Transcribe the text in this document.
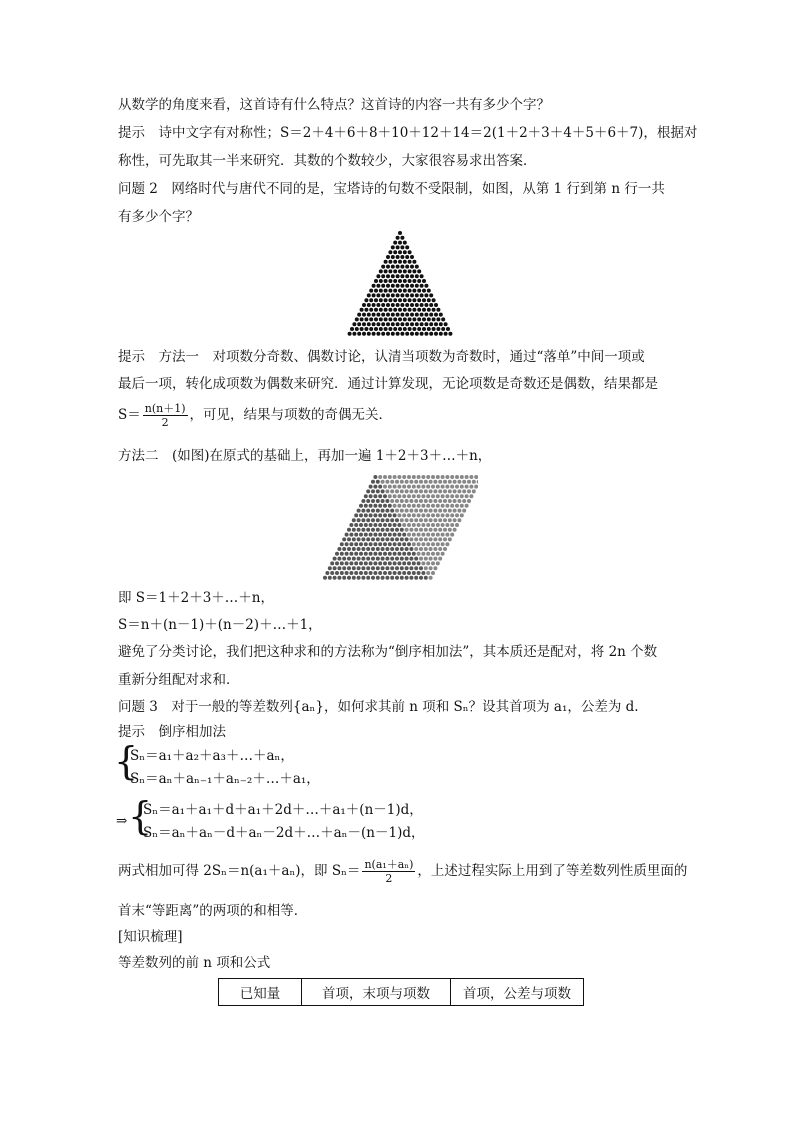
从数学的角度来看，这首诗有什么特点？这首诗的内容一共有多少个字？
提示　诗中文字有对称性；S＝2＋4＋6＋8＋10＋12＋14＝2(1＋2＋3＋4＋5＋6＋7)，根据对
称性，可先取其一半来研究．其数的个数较少，大家很容易求出答案．
问题 2　网络时代与唐代不同的是，宝塔诗的句数不受限制，如图，从第 1 行到第 n 行一共
有多少个字？
提示　方法一　对项数分奇数、偶数讨论，认清当项数为奇数时，通过“落单”中间一项或
最后一项，转化成项数为偶数来研究．通过计算发现，无论项数是奇数还是偶数，结果都是
$S= \frac{n(n+1)}{2}$ ，可见，结果与项数的奇偶无关．
方法二　(如图)在原式的基础上，再加一遍 1＋2＋3＋…＋n，
即 S＝1＋2＋3＋…＋n，
S＝n＋(n－1)＋(n－2)＋…＋1，
避免了分类讨论，我们把这种求和的方法称为“倒序相加法”，其本质还是配对，将 2n 个数
重新分组配对求和．
问题 3　对于一般的等差数列{aₙ}，如何求其前 n 项和 Sₙ？设其首项为 a₁，公差为 d.
提示　倒序相加法
{
Sₙ＝a₁＋a₂＋a₃＋…＋aₙ，
Sₙ＝aₙ＋aₙ₋₁＋aₙ₋₂＋…＋a₁，
⇒ {
Sₙ＝a₁＋a₁＋d＋a₁＋2d＋…＋a₁＋(n－1)d，
Sₙ＝aₙ＋aₙ－d＋aₙ－2d＋…＋aₙ－(n－1)d，
两式相加可得 2Sₙ＝n(a₁＋aₙ)，即 $S_n= \frac{\text{n(a₁＋aₙ)}}{2}$ ，上述过程实际上用到了等差数列性质里面的
首末“等距离”的两项的和相等．
[知识梳理]
等差数列的前 n 项和公式
已知量	首项，末项与项数	首项，公差与项数
